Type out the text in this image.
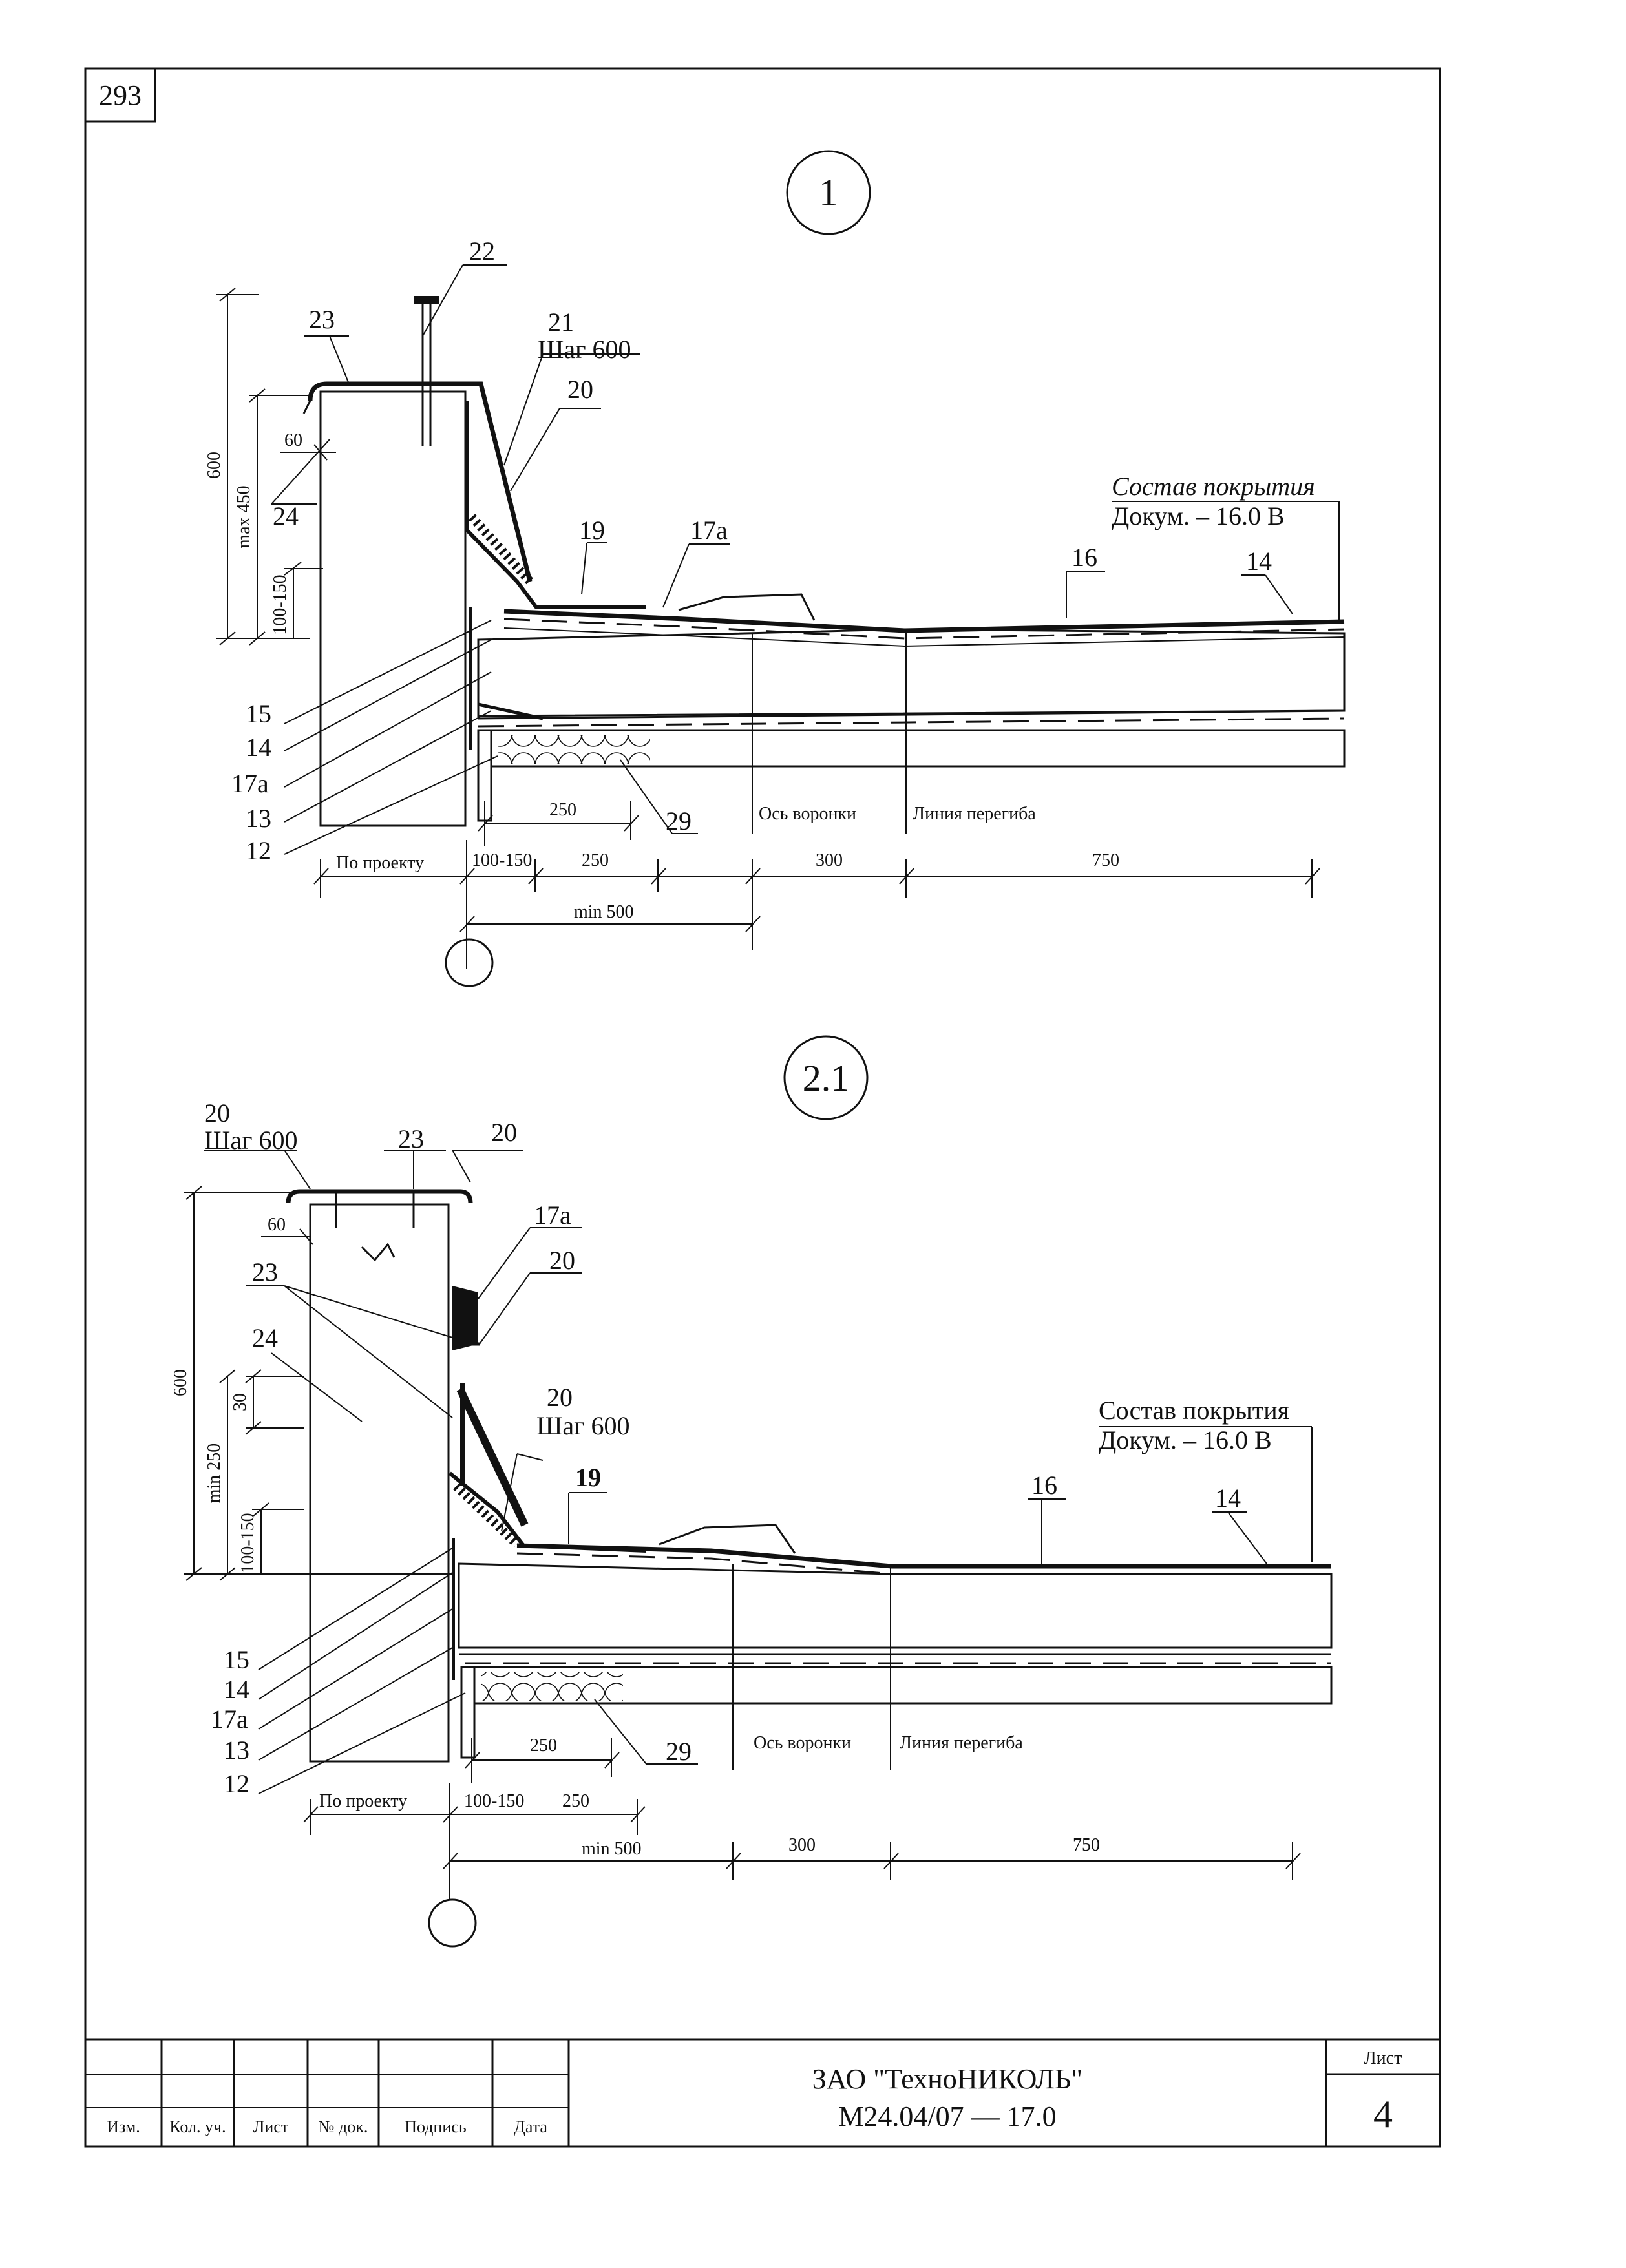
293
1
Ось воронки	Линия перегиба
22
23	21
Шаг 600
20
24	19	17а
16	14
Состав покрытия
Докум. – 16.0 В
15
14
17а
13
12
29
600
max 450
100-150
60
250
По проекту	100-150	250	300	750
min 500
2.1
Ось воронки	Линия перегиба
20
Шаг 600	23	20
17а
20
23
24
20
Шаг 600
19	16	14
Состав покрытия
Докум. – 16.0 В
15
14
17а
13
12
29
600
30
min 250
100-150
60
250
По проекту	100-150 250
min 500	300	750
Изм. Кол. уч. Лист № док. Подпись	Дата
ЗАО "ТехноНИКОЛЬ"
М24.04/07 — 17.0
Лист
4
